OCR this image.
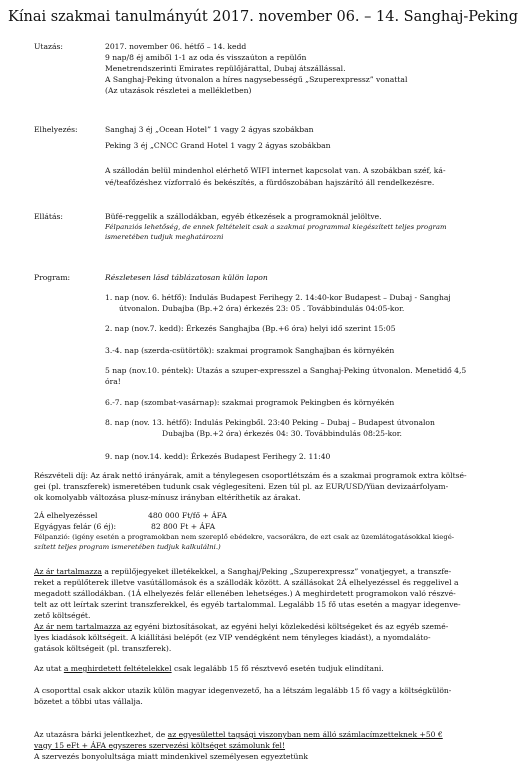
Kínai szakmai tanulmányút 2017. november 06. – 14. Sanghaj-Peking
Utazás:	2017. november 06. hétfő – 14. kedd
9 nap/8 éj amiből 1-1 az oda és visszaúton a repülőn
Menetrendszerinti Emirates repülőjárattal, Dubaj átszállással.
A Sanghaj-Peking útvonalon a híres nagysebességű „Szuperexpressz” vonattal
(Az utazások részletei a mellékletben)
Elhelyezés:	Sanghaj 3 éj „Ocean Hotel” 1 vagy 2 ágyas szobákban
Peking 3 éj „CNCC Grand Hotel 1 vagy 2 ágyas szobákban
A szállodán belül mindenhol elérhető WIFI internet kapcsolat van. A szobákban széf, ká-
vé/teafőzéshez vízforraló és bekészítés, a fürdőszobában hajszárító áll rendelkezésre.
Ellátás:	Büfé-reggelik a szállodákban, egyéb étkezések a programoknál jelöltve.
Félpanziós lehetőség, de ennek feltételeit csak a szakmai programmal kiegészített teljes program
ismeretében tudjuk meghatározni
Program:	Részletesen lásd táblázatosan külön lapon
1. nap (nov. 6. hétfő): Indulás Budapest Ferihegy 2. 14:40-kor Budapest – Dubaj - Sanghaj
útvonalon. Dubajba (Bp.+2 óra) érkezés 23: 05 . Továbbindulás 04:05-kor.
2. nap (nov.7. kedd): Érkezés Sanghajba (Bp.+6 óra) helyi idő szerint 15:05
3.-4. nap (szerda-csütörtök): szakmai programok Sanghajban és környékén
5 nap (nov.10. péntek): Utazás a szuper-expresszel a Sanghaj-Peking útvonalon. Menetidő 4,5
óra!
6.-7. nap (szombat-vasárnap): szakmai programok Pekingben és környékén
8. nap (nov. 13. hétfő): Indulás Pekingből. 23:40 Peking – Dubaj – Budapest útvonalon
Dubajba (Bp.+2 óra) érkezés 04: 30. Továbbindulás 08:25-kor.
9. nap (nov.14. kedd): Érkezés Budapest Ferihegy 2. 11:40
Részvételi díj: Az árak nettó irányárak, amit a ténylegesen csoportlétszám és a szakmai programok extra költsé-
gei (pl. transzferek) ismeretében tudunk csak véglegesíteni. Ezen túl pl. az EUR/USD/Yüan devizaárfolyam-
ok komolyabb változása plusz-mínusz irányban eltéríthetik az árakat.
2Á elhelyezéssel	480 000 Ft/fő + ÁFA
Egyágyas felár (6 éj):	82 800 Ft + ÁFA
Félpanzió: (igény esetén a programokban nem szereplő ebédekre, vacsorákra, de ezt csak az üzemlátogatásokkal kiegé-
szített teljes program ismeretében tudjuk kalkulálni.)
Az ár tartalmazza a repülőjegyeket illetékekkel, a Sanghaj/Peking „Szuperexpressz” vonatjegyet, a transzfe-
reket a repülőterek illetve vasútállomások és a szállodák között. A szállásokat 2Á elhelyezéssel és reggelivel a
megadott szállodákban. (1Á elhelyezés felár ellenében lehetséges.) A meghirdetett programokon való részvé-
telt az ott leírtak szerint transzferekkel, és egyéb tartalommal. Legalább 15 fő utas esetén a magyar idegenve-
zető költségét.
Az ár nem tartalmazza az egyéni biztosításokat, az egyéni helyi közlekedési költségeket és az egyéb szemé-
lyes kiadások költségeit. A kiállítási belépőt (ez VIP vendégként nem tényleges kiadást), a nyomdalátо-
gatások költségeit (pl. transzferek).
Az utat a meghirdetett feltételekkel csak legalább 15 fő résztvevő esetén tudjuk elindítani.
A csoporttal csak akkor utazik külön magyar idegenvezető, ha a létszám legalább 15 fő vagy a költségkülön-
bözetet a többi utas vállalja.
Az utazásra bárki jelentkezhet, de az egyesülettel tagsági viszonyban nem álló számlacímzetteknek +50 €
vagy 15 eFt + ÁFA egyszeres szervezési költséget számolunk fel!
A szervezés bonyolultsága miatt mindenkivel személyesen egyeztetünk
